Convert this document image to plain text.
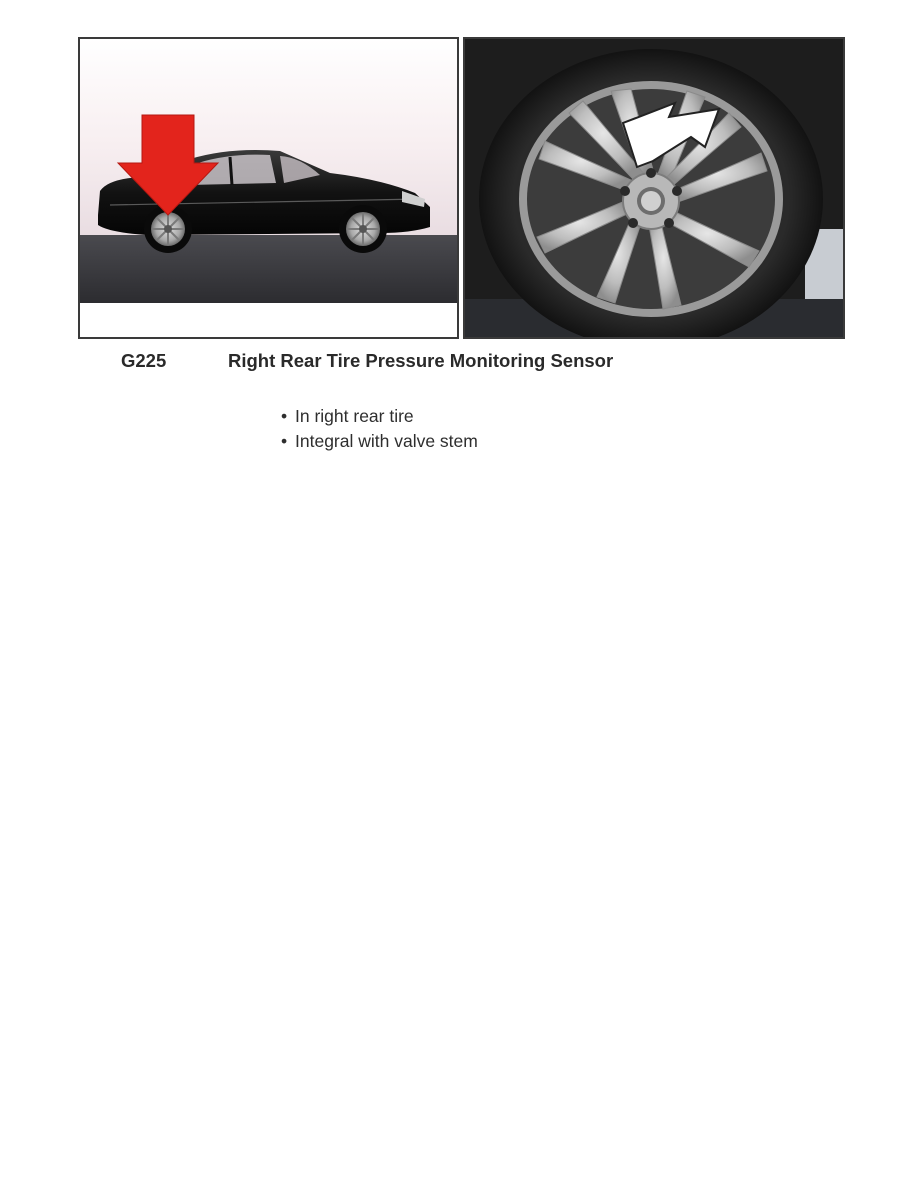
G225	Right Rear Tire Pressure Monitoring Sensor
• In right rear tire
• Integral with valve stem
